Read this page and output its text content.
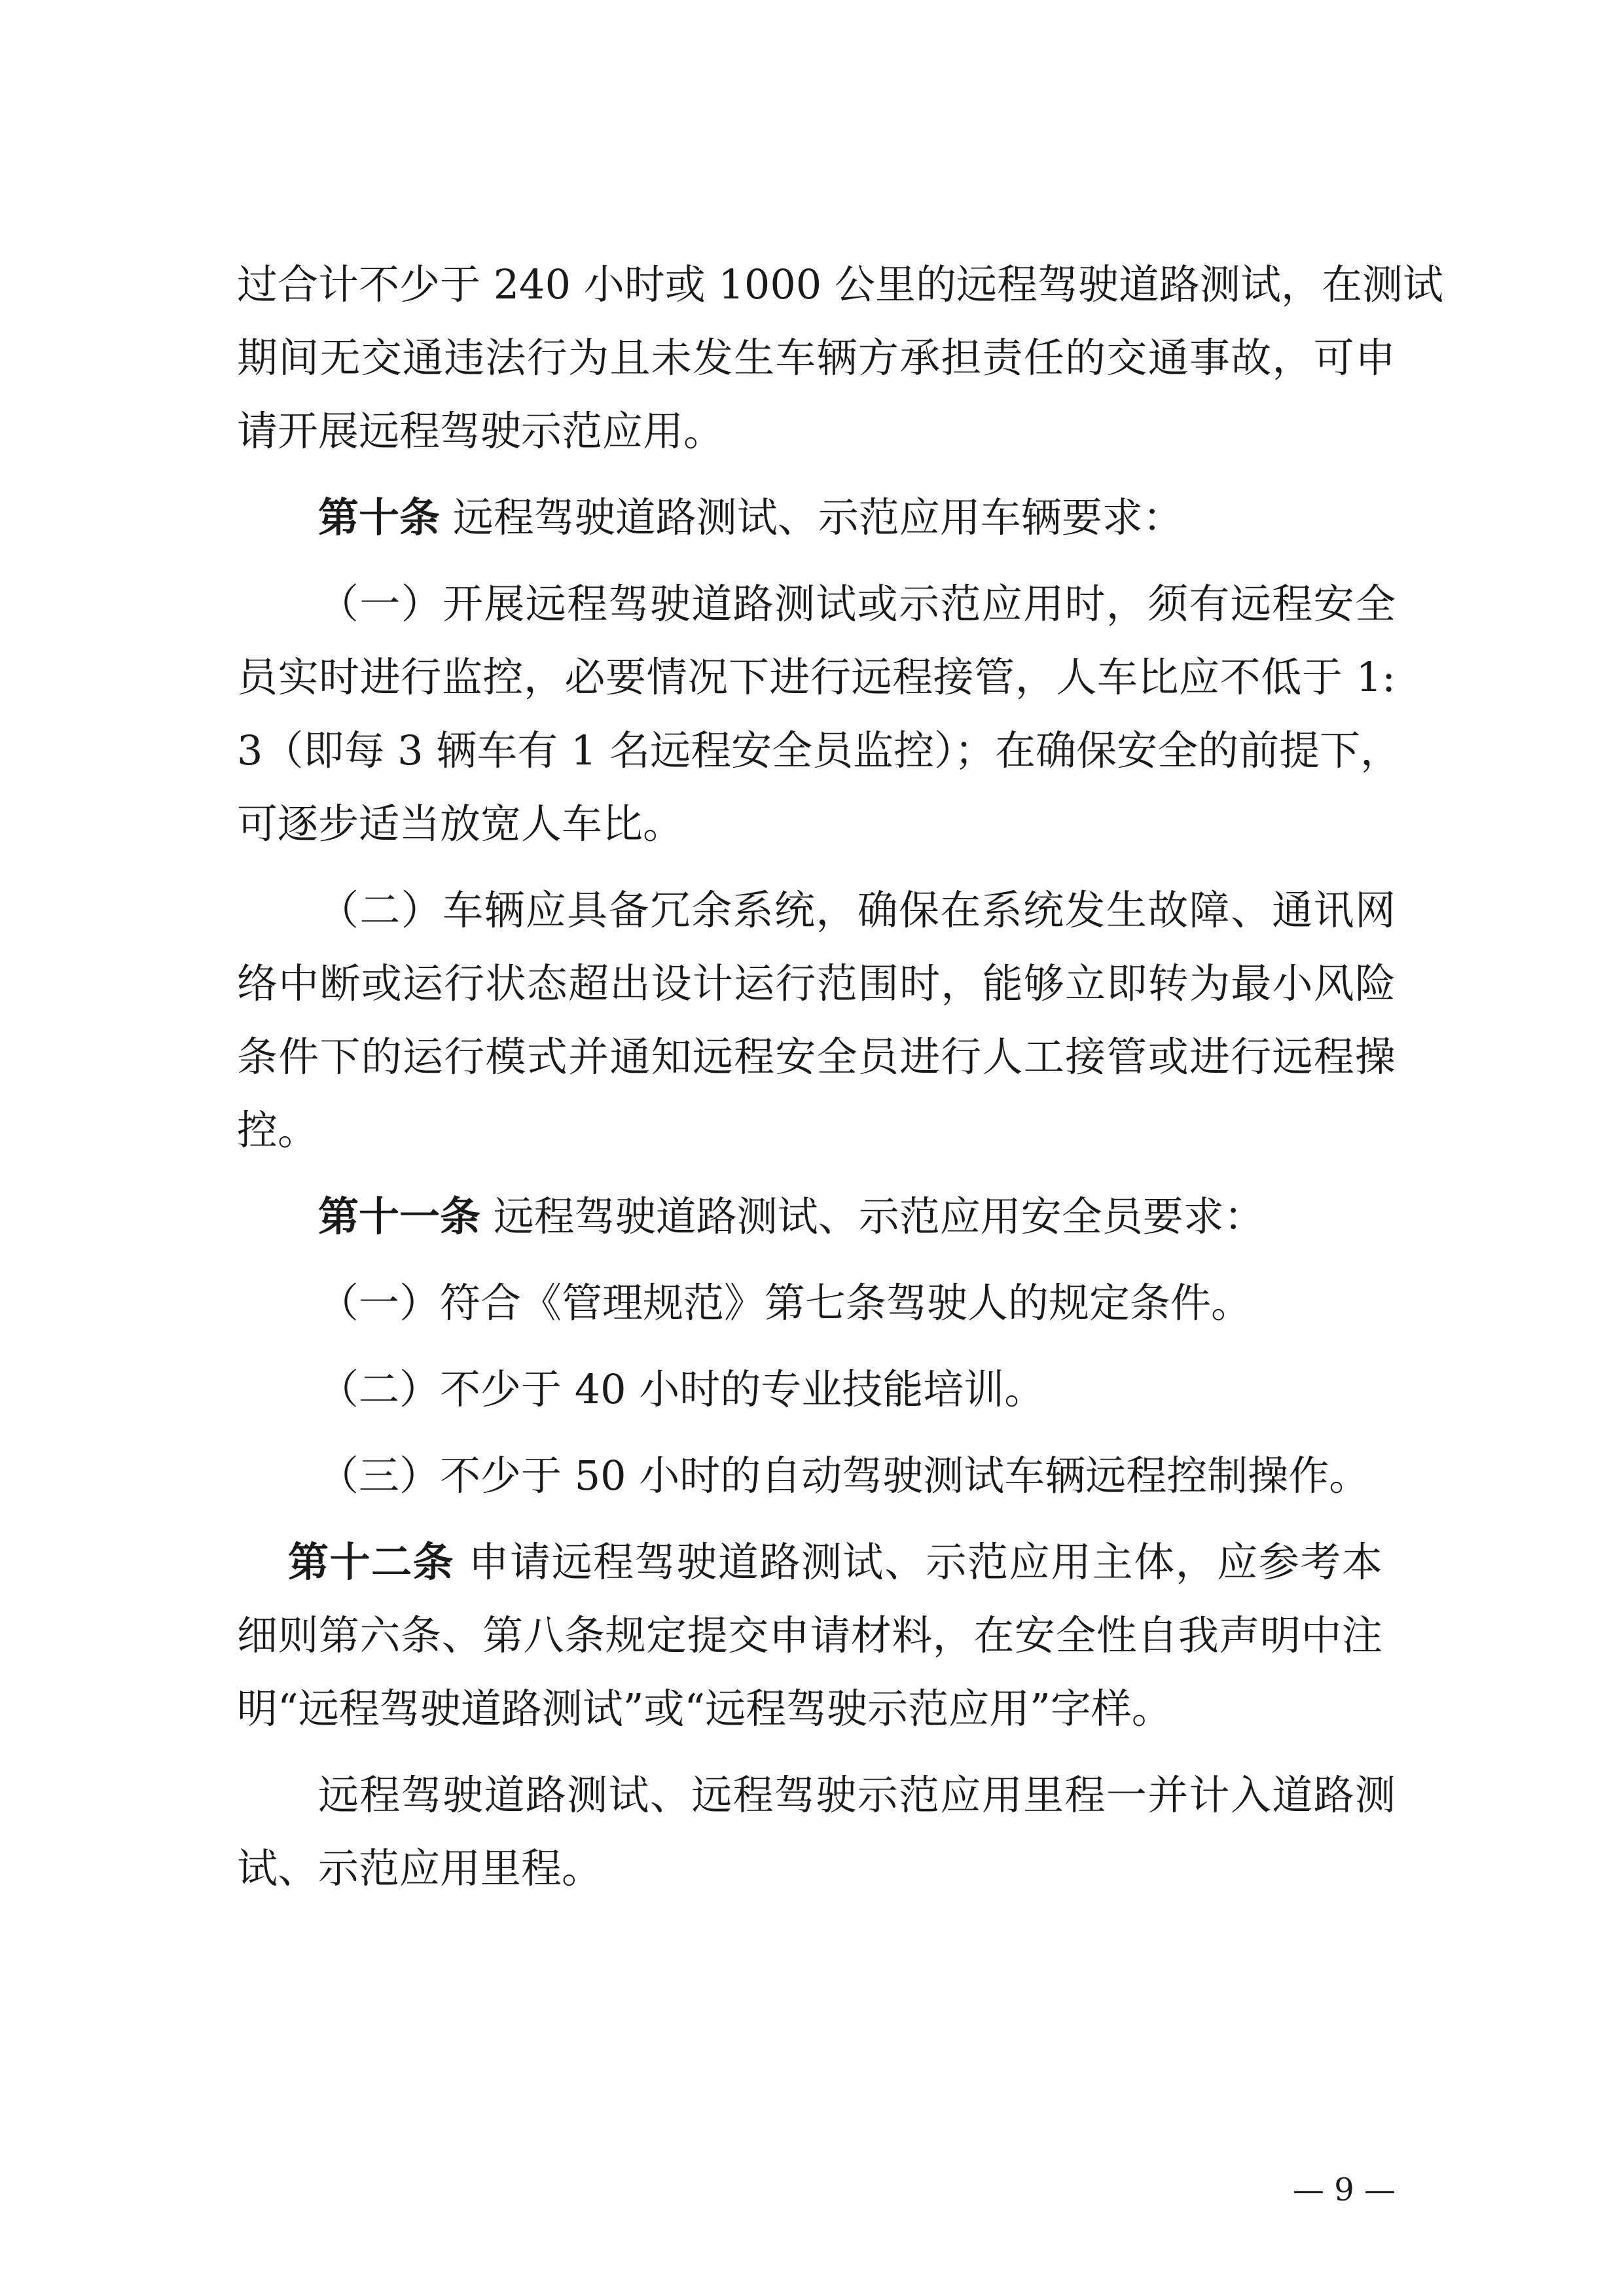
过合计不少于 240 小时或 1000 公里的远程驾驶道路测试，在测试
期间无交通违法行为且未发生车辆方承担责任的交通事故，可申
请开展远程驾驶示范应用。
第十条 远程驾驶道路测试、示范应用车辆要求：
（一）开展远程驾驶道路测试或示范应用时，须有远程安全
员实时进行监控，必要情况下进行远程接管，人车比应不低于 1:
3（即每 3 辆车有 1 名远程安全员监控）；在确保安全的前提下，
可逐步适当放宽人车比。
（二）车辆应具备冗余系统，确保在系统发生故障、通讯网
络中断或运行状态超出设计运行范围时，能够立即转为最小风险
条件下的运行模式并通知远程安全员进行人工接管或进行远程操
控。
第十一条 远程驾驶道路测试、示范应用安全员要求：
（一）符合《管理规范》第七条驾驶人的规定条件。
（二）不少于 40 小时的专业技能培训。
（三）不少于 50 小时的自动驾驶测试车辆远程控制操作。
第十二条 申请远程驾驶道路测试、示范应用主体，应参考本
细则第六条、第八条规定提交申请材料，在安全性自我声明中注
明“远程驾驶道路测试”或“远程驾驶示范应用”字样。
远程驾驶道路测试、远程驾驶示范应用里程一并计入道路测
试、示范应用里程。
— 9 —
